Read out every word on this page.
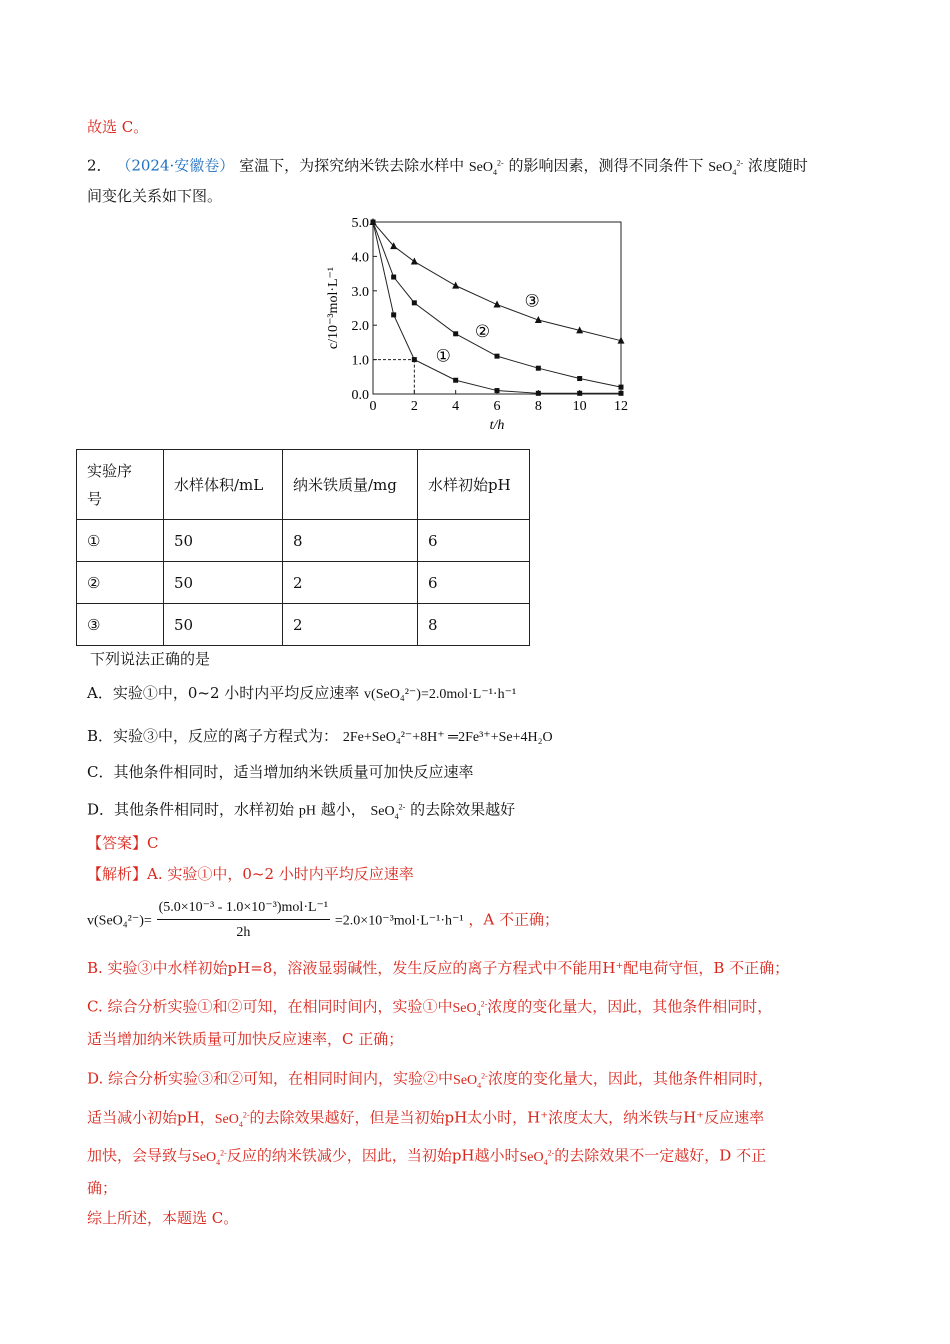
故选 C。
2． （2024·安徽卷） 室温下，为探究纳米铁去除水样中 SeO$_4^{2-}$ 的影响因素，测得不同条件下 SeO$_4^{2-}$ 浓度随时
间变化关系如下图。
0 2 4 6 8 10 12
0.0
1.0
2.0
3.0
4.0
5.0
t/h
c/10⁻³mol·L⁻¹
①
②
③
实验序
号	水样体积/mL	纳米铁质量/mg	水样初始pH
①	50	8	6
②	50	2	6
③	50	2	8
下列说法正确的是
A．实验①中，0~2 小时内平均反应速率 v(SeO₄²⁻)=2.0mol·L⁻¹·h⁻¹
B．实验③中，反应的离子方程式为： 2Fe+SeO₄²⁻+8H⁺ ═2Fe³⁺+Se+4H₂O
C．其他条件相同时，适当增加纳米铁质量可加快反应速率
D．其他条件相同时，水样初始 pH 越小， SeO$_4^{2-}$ 的去除效果越好
【答案】C
【解析】A. 实验①中，0~2 小时内平均反应速率
$v(SeO_4^{2-})= \frac{\text{(5.0×10⁻³ - 1.0×10⁻³)mol·L⁻¹}}{2h} =2.0\times 10^{-3}mol\cdot L^{-1}\cdot h^{-1}$ ，A 不正确；
B. 实验③中水样初始pH=8，溶液显弱碱性，发生反应的离子方程式中不能用H⁺配电荷守恒，B 不正确；
C. 综合分析实验①和②可知，在相同时间内，实验①中SeO$_4^{2-}$浓度的变化量大，因此，其他条件相同时，
适当增加纳米铁质量可加快反应速率，C 正确；
D. 综合分析实验③和②可知，在相同时间内，实验②中SeO$_4^{2-}$浓度的变化量大，因此，其他条件相同时，
适当减小初始pH，SeO$_4^{2-}$的去除效果越好，但是当初始pH太小时，H⁺浓度太大，纳米铁与H⁺反应速率
加快，会导致与SeO$_4^{2-}$反应的纳米铁减少，因此，当初始pH越小时SeO$_4^{2-}$的去除效果不一定越好，D 不正
确；
综上所述，本题选 C。
